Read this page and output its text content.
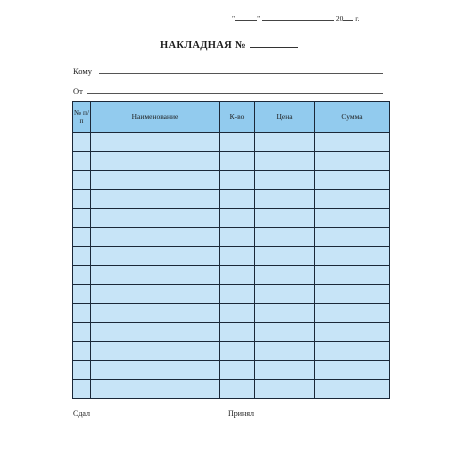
"	"	20 г.
НАКЛАДНАЯ №
Кому
От
№ п/п	Наименование	К-во	Цена	Сумма

Сдал	Принял
